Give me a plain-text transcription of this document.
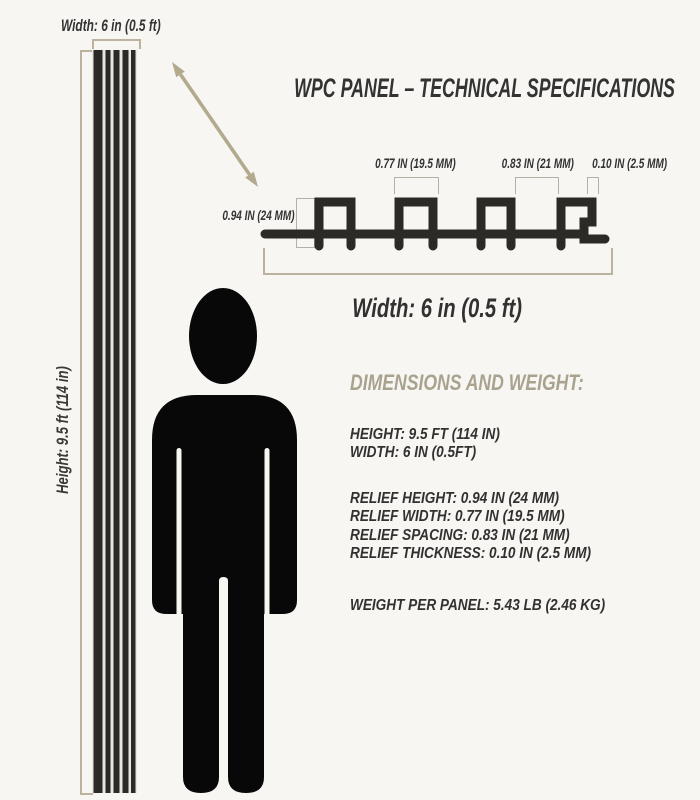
Width: 6 in (0.5 ft)
Height: 9.5 ft (114 in)
WPC PANEL – TECHNICAL SPECIFICATIONS
0.94 IN (24 MM)
0.77 IN (19.5 MM)	0.83 IN (21 MM)	0.10 IN (2.5 MM)
Width: 6 in (0.5 ft)
DIMENSIONS AND WEIGHT:
HEIGHT: 9.5 FT (114 IN)
WIDTH: 6 IN (0.5FT)
RELIEF HEIGHT: 0.94 IN (24 MM)
RELIEF WIDTH: 0.77 IN (19.5 MM)
RELIEF SPACING: 0.83 IN (21 MM)
RELIEF THICKNESS: 0.10 IN (2.5 MM)
WEIGHT PER PANEL: 5.43 LB (2.46 KG)
